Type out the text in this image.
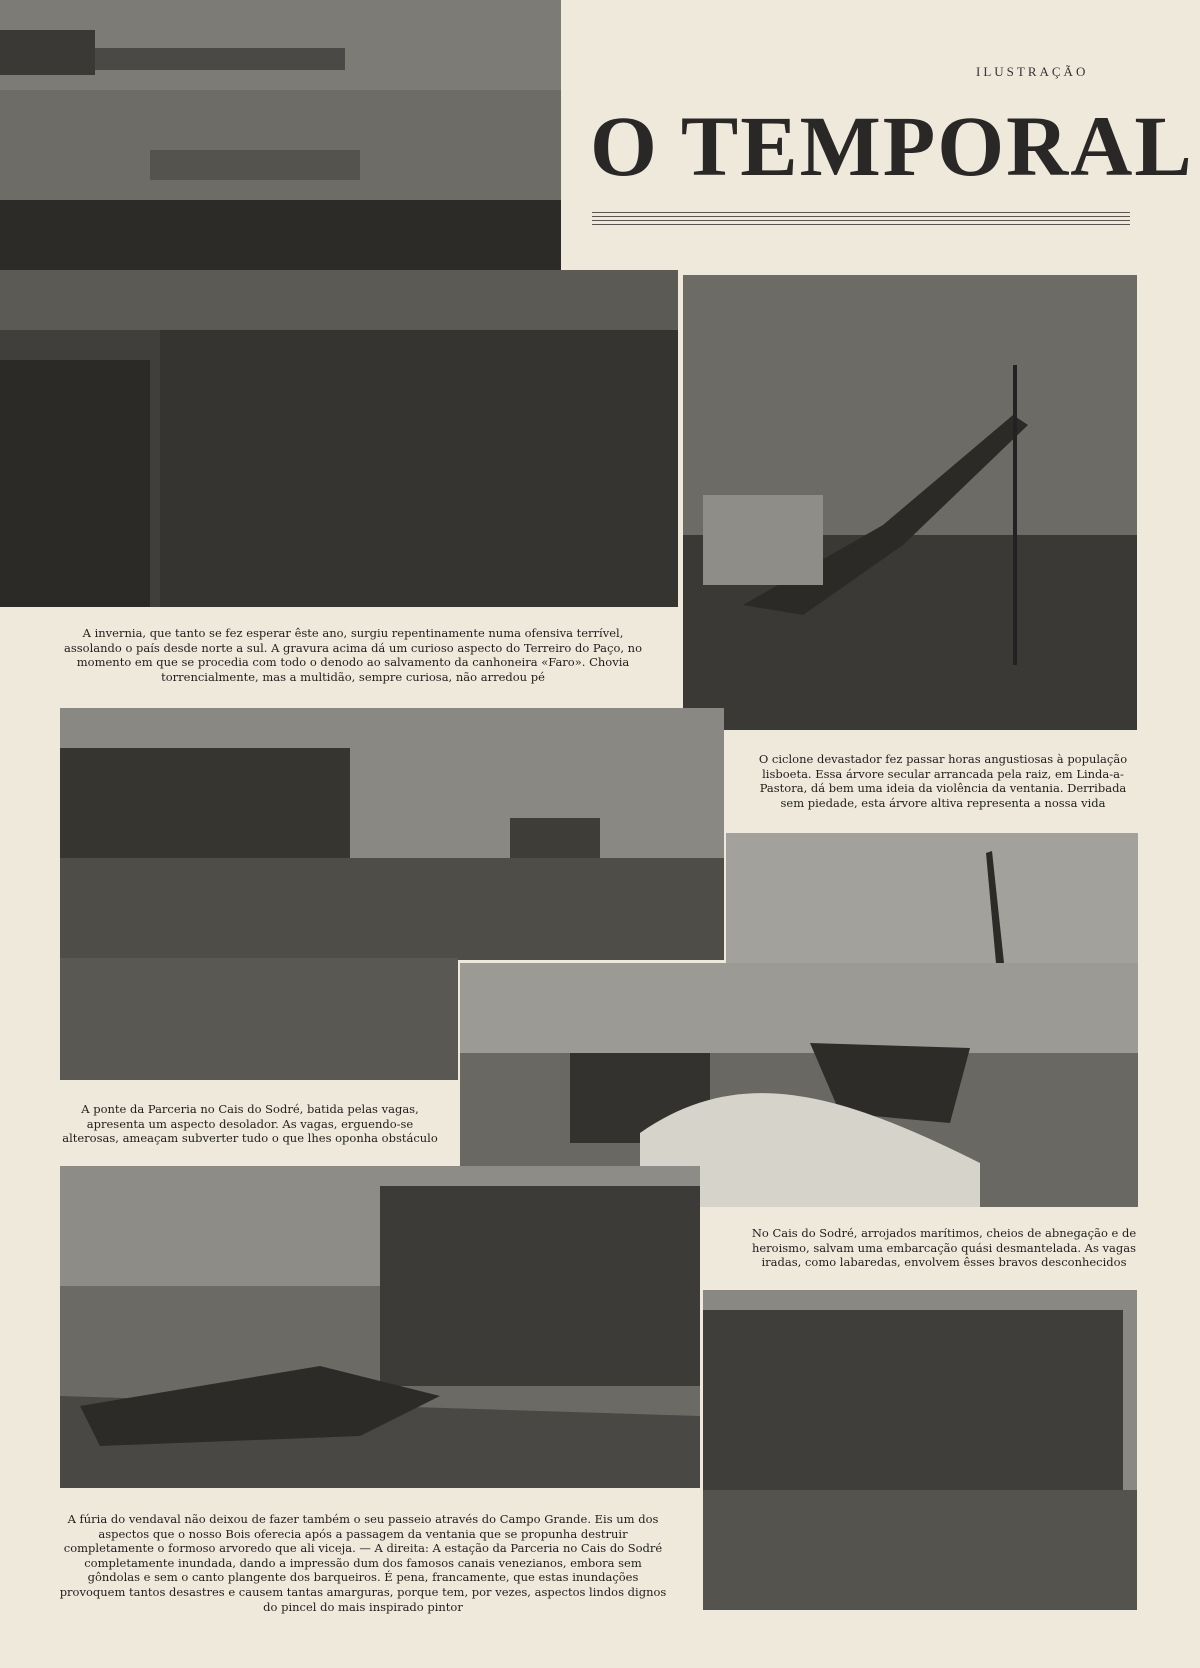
ILUSTRAÇÃO
O TEMPORAL

A invernia, que tanto se fez esperar êste ano, surgiu repentinamente numa ofensiva terrível, assolando o país desde norte a sul. A gravura acima dá um curioso aspecto do Terreiro do Paço, no momento em que se procedia com todo o denodo ao salvamento da canhoneira «Faro». Chovia torrencialmente, mas a multidão, sempre curiosa, não arredou pé

O ciclone devastador fez passar horas angustiosas à população lisboeta. Essa árvore secular arrancada pela raiz, em Linda-a-Pastora, dá bem uma ideia da violência da ventania. Derribada sem piedade, esta árvore altiva representa a nossa vida

A ponte da Parceria no Cais do Sodré, batida pelas vagas, apresenta um aspecto desolador. As vagas, erguendo-se alterosas, ameaçam subverter tudo o que lhes oponha obstáculo

No Cais do Sodré, arrojados marítimos, cheios de abnegação e de heroismo, salvam uma embarcação quási desmantelada. As vagas iradas, como labaredas, envolvem êsses bravos desconhecidos

A fúria do vendaval não deixou de fazer também o seu passeio através do Campo Grande. Eis um dos aspectos que o nosso Bois oferecia após a passagem da ventania que se propunha destruir completamente o formoso arvoredo que ali viceja. — A direita: A estação da Parceria no Cais do Sodré completamente inundada, dando a impressão dum dos famosos canais venezianos, embora sem gôndolas e sem o canto plangente dos barqueiros. É pena, francamente, que estas inundações provoquem tantos desastres e causem tantas amarguras, porque tem, por vezes, aspectos lindos dignos do pincel do mais inspirado pintor
